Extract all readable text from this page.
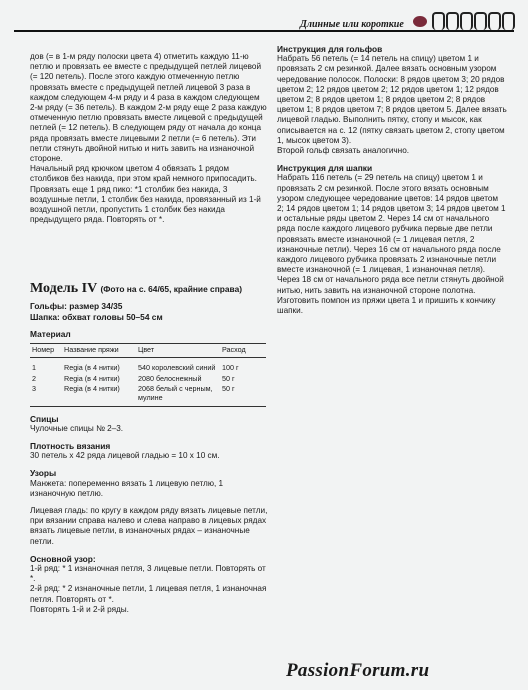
Длинные или короткие

дов (= в 1-м ряду полоски цвета 4) отметить каждую 11-ю петлю и провязать ее вместе с предыдущей петлей лицевой (= 120 петель). После этого каждую отмеченную петлю провязать вместе с предыдущей петлей лицевой 3 раза в каждом следующем 4-м ряду и 4 раза в каждом следующем 2-м ряду (= 36 петель). В каждом 2-м ряду еще 2 раза каждую отмеченную петлю провязать вместе лицевой с предыдущей петлей (= 12 петель). В следующем ряду от начала до конца ряда провязать вместе лицевыми 2 петли (= 6 петель). Эти петли стянуть двойной нитью и нить завить на изнаночной стороне.

Начальный ряд крючком цветом 4 обвязать 1 рядом столбиков без накида, при этом край немного припосадить. Провязать еще 1 ряд пико: *1 столбик без накида, 3 воздушные петли, 1 столбик без накида, провязанный из 1-й воздушной петли, пропустить 1 столбик без накида предыдущего ряда. Повторять от *.

Модель IV (Фото на с. 64/65, крайние справа)

Гольфы: размер 34/35

Шапка: обхват головы 50–54 см

Материал

Номер	Название пряжи	Цвет	Расход

1	Regia (в 4 нитки)	540 королевский синий	100 г
2	Regia (в 4 нитки)	2080 белоснежный	50 г
3	Regia (в 4 нитки)	2068 белый с черным, мулине	50 г

Спицы

Чулочные спицы № 2–3.

Плотность вязания

30 петель x 42 ряда лицевой гладью = 10 x 10 см.

Узоры

Манжета: попеременно вязать 1 лицевую петлю, 1 изнаночную петлю.

Лицевая гладь: по кругу в каждом ряду вязать лицевые петли, при вязании справа налево и слева направо в лицевых рядах вязать лицевые петли, в изнаночных рядах – изнаночные петли.

Основной узор:

1-й ряд: * 1 изнаночная петля, 3 лицевые петли. Повторять от *.

2-й ряд: * 2 изнаночные петли, 1 лицевая петля, 1 изнаночная петля. Повторять от *.

Повторять 1-й и 2-й ряды.

Инструкция для гольфов

Набрать 56 петель (= 14 петель на спицу) цветом 1 и провязать 2 см резинкой. Далее вязать основным узором чередование полосок. Полоски: 8 рядов цветом 3; 20 рядов цветом 2; 12 рядов цветом 2; 12 рядов цветом 1; 12 рядов цветом 2; 8 рядов цветом 1; 8 рядов цветом 2; 8 рядов цветом 1; 8 рядов цветом 7; 8 рядов цветом 5. Далее вязать лицевой гладью. Выполнить пятку, стопу и мысок, как описывается на с. 12 (пятку связать цветом 2, стопу цветом 1, мысок цветом 3).

Второй гольф связать аналогично.

Инструкция для шапки

Набрать 116 петель (= 29 петель на спицу) цветом 1 и провязать 2 см резинкой. После этого вязать основным узором следующее чередование цветов: 14 рядов цветом 2; 14 рядов цветом 1; 14 рядов цветом 3; 14 рядов цветом 1 и остальные ряды цветом 2. Через 14 см от начального ряда после каждого лицевого рубчика первые две петли провязать вместе изнаночной (= 1 лицевая петля, 2 изнаночные петли). Через 16 см от начального ряда после каждого лицевого рубчика провязать 2 изнаночные петли вместе изнаночной (= 1 лицевая, 1 изнаночная петля). Через 18 см от начального ряда все петли стянуть двойной нитью, нить завить на изнаночной стороне полотна. Изготовить помпон из пряжи цвета 1 и пришить к кончику шапки.

PassionForum.ru
